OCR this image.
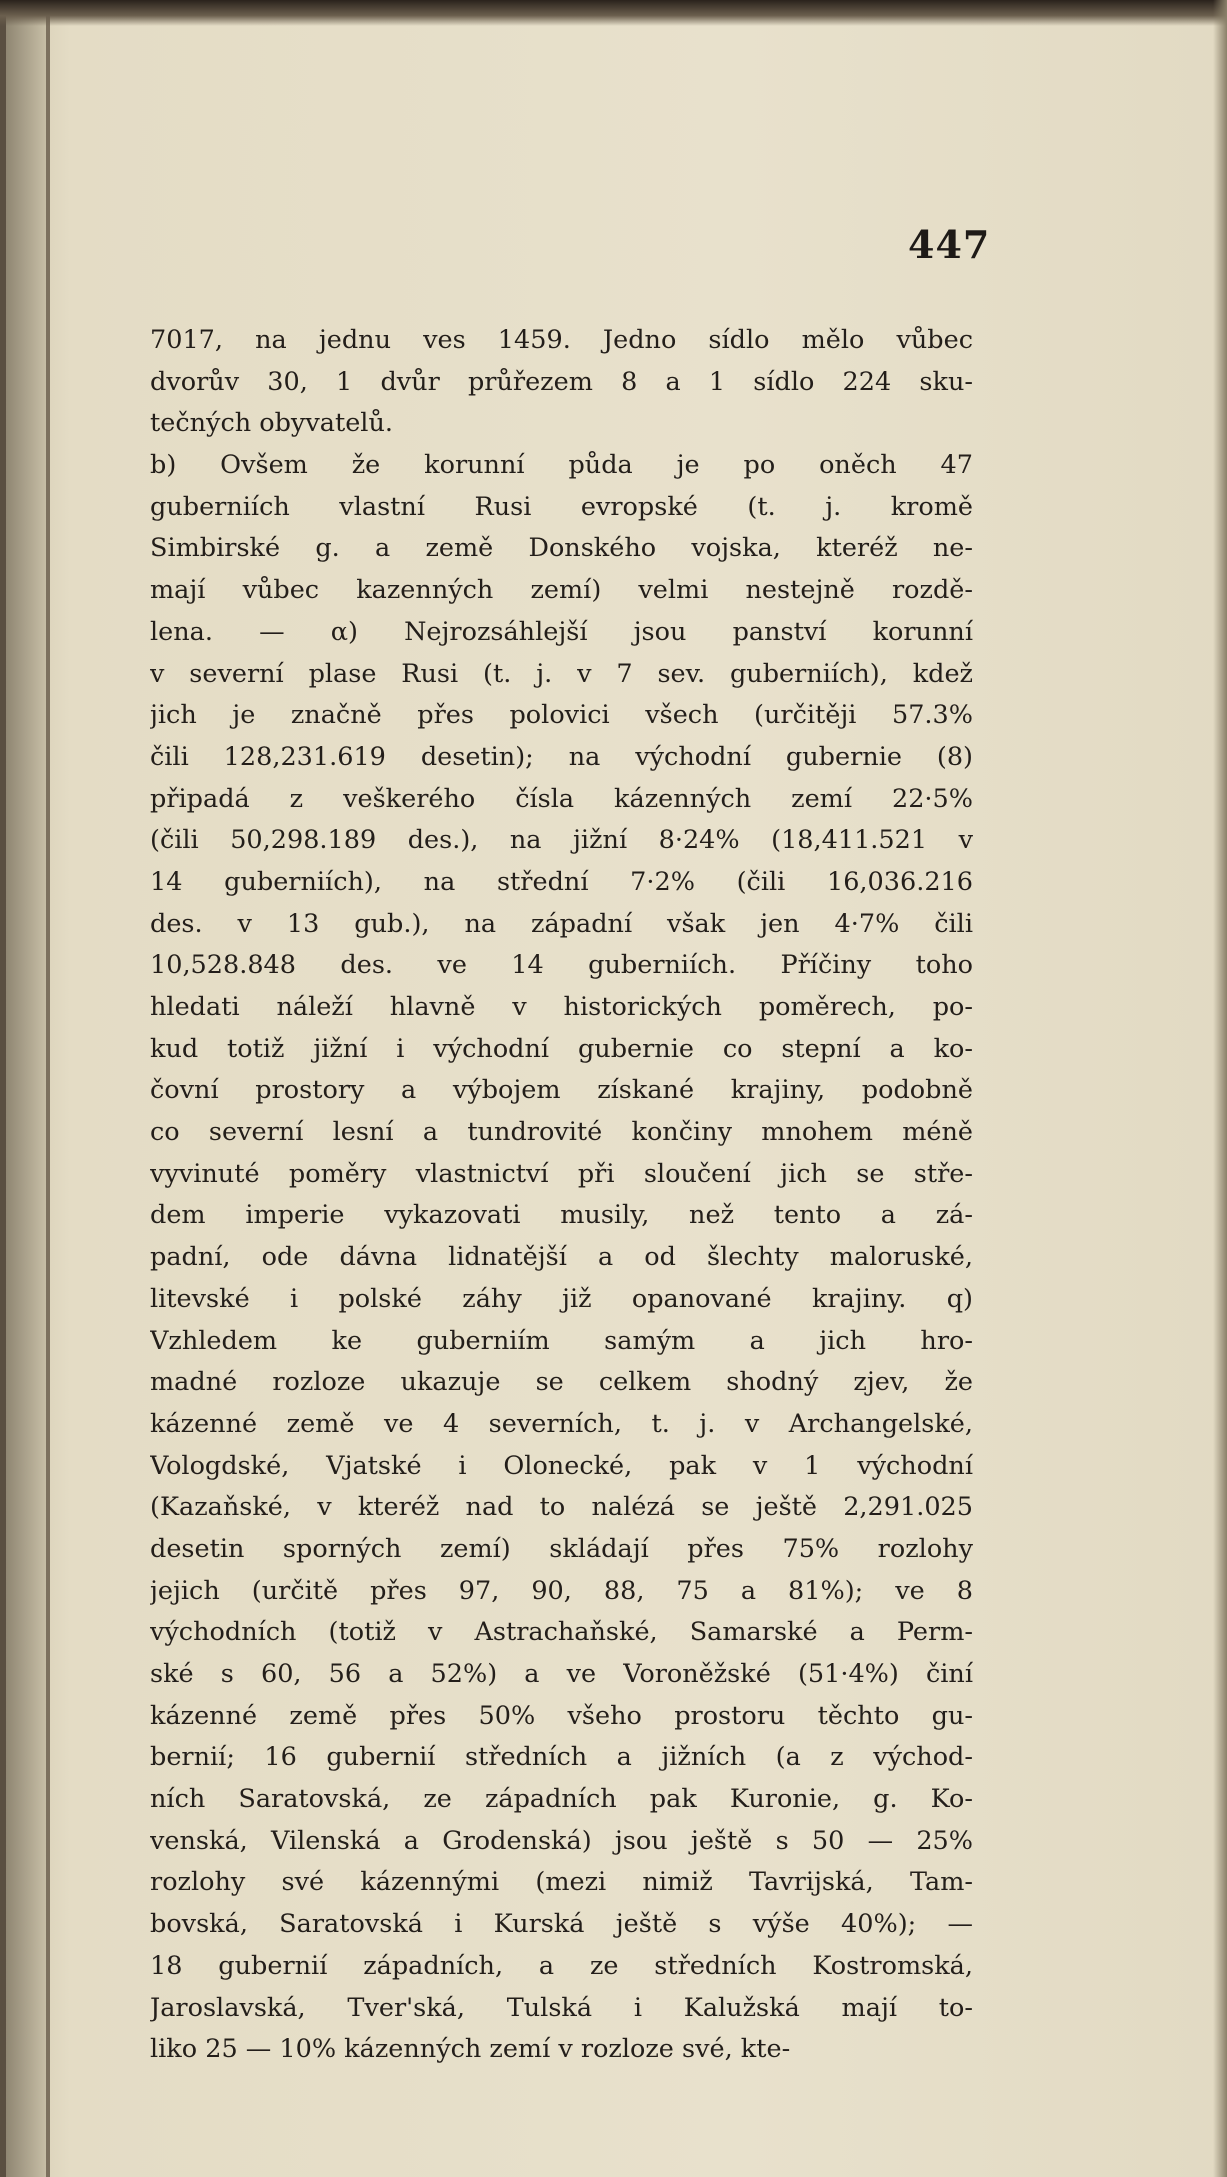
447
7017, na jednu ves 1459. Jedno sídlo mělo vůbec
dvorův 30, 1 dvůr průřezem 8 a 1 sídlo 224 sku-
tečných obyvatelů.
b) Ovšem že korunní půda je po oněch 47
guberniích vlastní Rusi evropské (t. j. kromě
Simbirské g. a země Donského vojska, kteréž ne-
mají vůbec kazenných zemí) velmi nestejně rozdě-
lena. — α) Nejrozsáhlejší jsou panství korunní
v severní plase Rusi (t. j. v 7 sev. guberniích), kdež
jich je značně přes polovici všech (určitěji 57.3%
čili 128,231.619 desetin); na východní gubernie (8)
připadá z veškerého čísla kázenných zemí 22·5%
(čili 50,298.189 des.), na jižní 8·24% (18,411.521 v
14 guberniích), na střední 7·2% (čili 16,036.216
des. v 13 gub.), na západní však jen 4·7% čili
10,528.848 des. ve 14 guberniích. Příčiny toho
hledati náleží hlavně v historických poměrech, po-
kud totiž jižní i východní gubernie co stepní a ko-
čovní prostory a výbojem získané krajiny, podobně
co severní lesní a tundrovité končiny mnohem méně
vyvinuté poměry vlastnictví při sloučení jich se stře-
dem imperie vykazovati musily, než tento a zá-
padní, ode dávna lidnatější a od šlechty maloruské,
litevské i polské záhy již opanované krajiny. q)
Vzhledem ke guberniím samým a jich hro-
madné rozloze ukazuje se celkem shodný zjev, že
kázenné země ve 4 severních, t. j. v Archangelské,
Vologdské, Vjatské i Olonecké, pak v 1 východní
(Kazaňské, v kteréž nad to nalézá se ještě 2,291.025
desetin sporných zemí) skládají přes 75% rozlohy
jejich (určitě přes 97, 90, 88, 75 a 81%); ve 8
východních (totiž v Astrachaňské, Samarské a Perm-
ské s 60, 56 a 52%) a ve Voroněžské (51·4%) činí
kázenné země přes 50% všeho prostoru těchto gu-
bernií; 16 gubernií středních a jižních (a z východ-
ních Saratovská, ze západních pak Kuronie, g. Ko-
venská, Vilenská a Grodenská) jsou ještě s 50 — 25%
rozlohy své kázennými (mezi nimiž Tavrijská, Tam-
bovská, Saratovská i Kurská ještě s výše 40%); —
18 gubernií západních, a ze středních Kostromská,
Jaroslavská, Tver'ská, Tulská i Kalužská mají to-
liko 25 — 10% kázenných zemí v rozloze své, kte-
